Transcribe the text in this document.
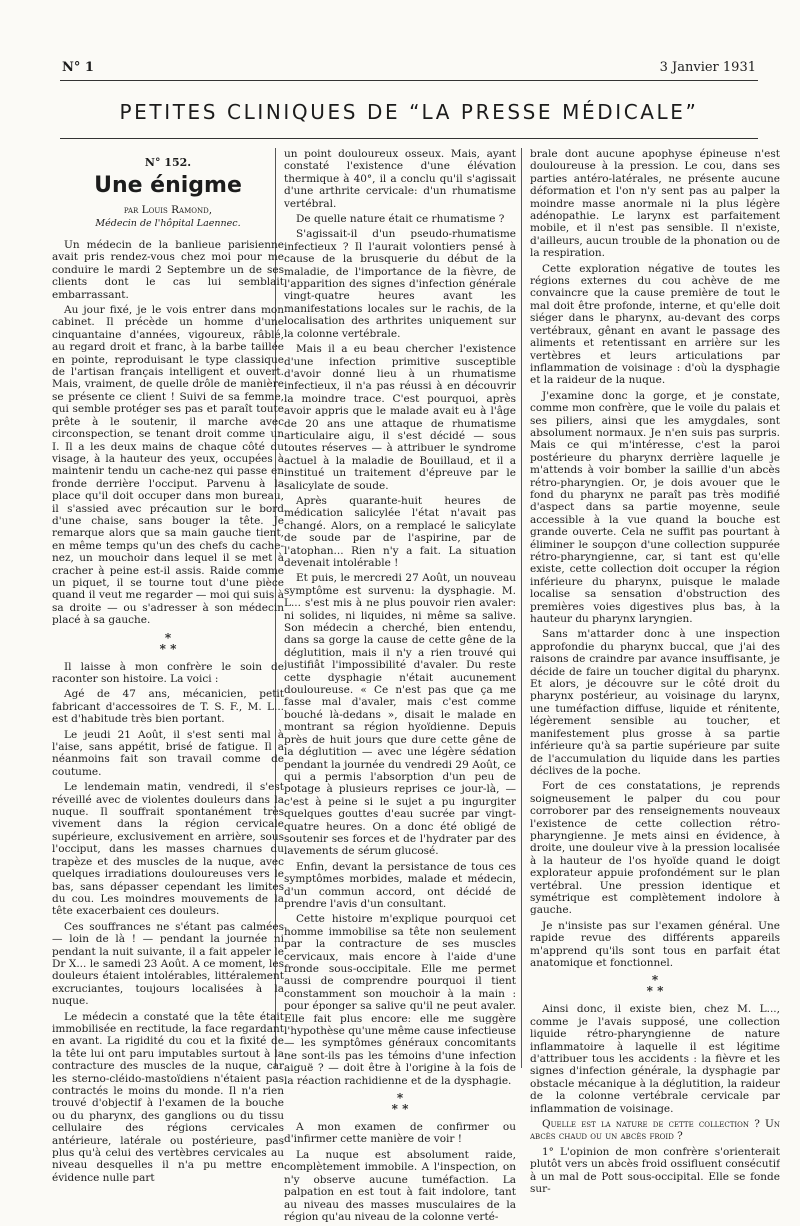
N° 1	3 Janvier 1931
PETITES CLINIQUES DE “LA PRESSE MÉDICALE”
N° 152.
Une énigme
par Louis Ramond,
Médecin de l'hôpital Laennec.

Un médecin de la banlieue parisienne avait pris rendez-vous chez moi pour me conduire le mardi 2 Septembre un de ses clients dont le cas lui semblait embarrassant.

Au jour fixé, je le vois entrer dans mon cabinet. Il précède un homme d'une cinquantaine d'années, vigoureux, râblé, au regard droit et franc, à la barbe taillée en pointe, reproduisant le type classique de l'artisan français intelligent et ouvert. Mais, vraiment, de quelle drôle de manière se présente ce client ! Suivi de sa femme, qui semble protéger ses pas et paraît toute prête à le soutenir, il marche avec circonspection, se tenant droit comme un I. Il a les deux mains de chaque côté du visage, à la hauteur des yeux, occupées à maintenir tendu un cache-nez qui passe en fronde derrière l'occiput. Parvenu à la place qu'il doit occuper dans mon bureau, il s'assied avec précaution sur le bord d'une chaise, sans bouger la tête. Je remarque alors que sa main gauche tient, en même temps qu'un des chefs du cache-nez, un mouchoir dans lequel il se met à cracher à peine est-il assis. Raide comme un piquet, il se tourne tout d'une pièce quand il veut me regarder — moi qui suis à sa droite — ou s'adresser à son médecin placé à sa gauche.

*
* *

Il laisse à mon confrère le soin de raconter son histoire. La voici :

Agé de 47 ans, mécanicien, petit fabricant d'accessoires de T. S. F., M. L... est d'habitude très bien portant.

Le jeudi 21 Août, il s'est senti mal à l'aise, sans appétit, brisé de fatigue. Il a néanmoins fait son travail comme de coutume.

Le lendemain matin, vendredi, il s'est réveillé avec de violentes douleurs dans la nuque. Il souffrait spontanément très vivement dans la région cervicale supérieure, exclusivement en arrière, sous l'occiput, dans les masses charnues du trapèze et des muscles de la nuque, avec quelques irradiations douloureuses vers le bas, sans dépasser cependant les limites du cou. Les moindres mouvements de la tête exacerbaient ces douleurs.

Ces souffrances ne s'étant pas calmées — loin de là ! — pendant la journée ni pendant la nuit suivante, il a fait appeler le Dr X... le samedi 23 Août. A ce moment, les douleurs étaient intolérables, littéralement excruciantes, toujours localisées à la nuque.

Le médecin a constaté que la tête était immobilisée en rectitude, la face regardant en avant. La rigidité du cou et la fixité de la tête lui ont paru imputables surtout à la contracture des muscles de la nuque, car les sterno-cléido-mastoïdiens n'étaient pas contractés le moins du monde. Il n'a rien trouvé d'objectif à l'examen de la bouche ou du pharynx, des ganglions ou du tissu cellulaire des régions cervicales antérieure, latérale ou postérieure, pas plus qu'à celui des vertèbres cervicales au niveau desquelles il n'a pu mettre en évidence nulle part

un point douloureux osseux. Mais, ayant constaté l'existence d'une élévation thermique à 40°, il a conclu qu'il s'agissait d'une arthrite cervicale: d'un rhumatisme vertébral.

De quelle nature était ce rhumatisme ?

S'agissait-il d'un pseudo-rhumatisme infectieux ? Il l'aurait volontiers pensé à cause de la brusquerie du début de la maladie, de l'importance de la fièvre, de l'apparition des signes d'infection générale vingt-quatre heures avant les manifestations locales sur le rachis, de la localisation des arthrites uniquement sur la colonne vertébrale.

Mais il a eu beau chercher l'existence d'une infection primitive susceptible d'avoir donné lieu à un rhumatisme infectieux, il n'a pas réussi à en découvrir la moindre trace. C'est pourquoi, après avoir appris que le malade avait eu à l'âge de 20 ans une attaque de rhumatisme articulaire aigu, il s'est décidé — sous toutes réserves — à attribuer le syndrome actuel à la maladie de Bouillaud, et il a institué un traitement d'épreuve par le salicylate de soude.

Après quarante-huit heures de médication salicylée l'état n'avait pas changé. Alors, on a remplacé le salicylate de soude par de l'aspirine, par de l'atophan... Rien n'y a fait. La situation devenait intolérable !

Et puis, le mercredi 27 Août, un nouveau symptôme est survenu: la dysphagie. M. L... s'est mis à ne plus pouvoir rien avaler: ni solides, ni liquides, ni même sa salive. Son médecin a cherché, bien entendu, dans sa gorge la cause de cette gêne de la déglutition, mais il n'y a rien trouvé qui justifiât l'impossibilité d'avaler. Du reste cette dysphagie n'était aucunement douloureuse. « Ce n'est pas que ça me fasse mal d'avaler, mais c'est comme bouché là-dedans », disait le malade en montrant sa région hyoïdienne. Depuis près de huit jours que dure cette gêne de la déglutition — avec une légère sédation pendant la journée du vendredi 29 Août, ce qui a permis l'absorption d'un peu de potage à plusieurs reprises ce jour-là, — c'est à peine si le sujet a pu ingurgiter quelques gouttes d'eau sucrée par vingt-quatre heures. On a donc été obligé de soutenir ses forces et de l'hydrater par des lavements de sérum glucosé.

Enfin, devant la persistance de tous ces symptômes morbides, malade et médecin, d'un commun accord, ont décidé de prendre l'avis d'un consultant.

Cette histoire m'explique pourquoi cet homme immobilise sa tête non seulement par la contracture de ses muscles cervicaux, mais encore à l'aide d'une fronde sous-occipitale. Elle me permet aussi de comprendre pourquoi il tient constamment son mouchoir à la main : pour éponger sa salive qu'il ne peut avaler. Elle fait plus encore: elle me suggère l'hypothèse qu'une même cause infectieuse — les symptômes généraux concomitants ne sont-ils pas les témoins d'une infection aiguë ? — doit être à l'origine à la fois de la réaction rachidienne et de la dysphagie.

*
* *

A mon examen de confirmer ou d'infirmer cette manière de voir !

La nuque est absolument raide, complètement immobile. A l'inspection, on n'y observe aucune tuméfaction. La palpation en est tout à fait indolore, tant au niveau des masses musculaires de la région qu'au niveau de la colonne verté-

brale dont aucune apophyse épineuse n'est douloureuse à la pression. Le cou, dans ses parties antéro-latérales, ne présente aucune déformation et l'on n'y sent pas au palper la moindre masse anormale ni la plus légère adénopathie. Le larynx est parfaitement mobile, et il n'est pas sensible. Il n'existe, d'ailleurs, aucun trouble de la phonation ou de la respiration.

Cette exploration négative de toutes les régions externes du cou achève de me convaincre que la cause première de tout le mal doit être profonde, interne, et qu'elle doit siéger dans le pharynx, au-devant des corps vertébraux, gênant en avant le passage des aliments et retentissant en arrière sur les vertèbres et leurs articulations par inflammation de voisinage : d'où la dysphagie et la raideur de la nuque.

J'examine donc la gorge, et je constate, comme mon confrère, que le voile du palais et ses piliers, ainsi que les amygdales, sont absolument normaux. Je n'en suis pas surpris. Mais ce qui m'intéresse, c'est la paroi postérieure du pharynx derrière laquelle je m'attends à voir bomber la saillie d'un abcès rétro-pharyngien. Or, je dois avouer que le fond du pharynx ne paraît pas très modifié d'aspect dans sa partie moyenne, seule accessible à la vue quand la bouche est grande ouverte. Cela ne suffit pas pourtant à éliminer le soupçon d'une collection suppurée rétro-pharyngienne, car, si tant est qu'elle existe, cette collection doit occuper la région inférieure du pharynx, puisque le malade localise sa sensation d'obstruction des premières voies digestives plus bas, à la hauteur du pharynx laryngien.

Sans m'attarder donc à une inspection approfondie du pharynx buccal, que j'ai des raisons de craindre par avance insuffisante, je décide de faire un toucher digital du pharynx. Et alors, je découvre sur le côté droit du pharynx postérieur, au voisinage du larynx, une tuméfaction diffuse, liquide et rénitente, légèrement sensible au toucher, et manifestement plus grosse à sa partie inférieure qu'à sa partie supérieure par suite de l'accumulation du liquide dans les parties déclives de la poche.

Fort de ces constatations, je reprends soigneusement le palper du cou pour corroborer par des renseignements nouveaux l'existence de cette collection rétro-pharyngienne. Je mets ainsi en évidence, à droite, une douleur vive à la pression localisée à la hauteur de l'os hyoïde quand le doigt explorateur appuie profondément sur le plan vertébral. Une pression identique et symétrique est complètement indolore à gauche.

Je n'insiste pas sur l'examen général. Une rapide revue des différents appareils m'apprend qu'ils sont tous en parfait état anatomique et fonctionnel.

*
* *

Ainsi donc, il existe bien, chez M. L..., comme je l'avais supposé, une collection liquide rétro-pharyngienne de nature inflammatoire à laquelle il est légitime d'attribuer tous les accidents : la fièvre et les signes d'infection générale, la dysphagie par obstacle mécanique à la déglutition, la raideur de la colonne vertébrale cervicale par inflammation de voisinage.

Quelle est la nature de cette collection ? Un abcès chaud ou un abcès froid ?

1° L'opinion de mon confrère s'orienterait plutôt vers un abcès froid ossifluent consécutif à un mal de Pott sous-occipital. Elle se fonde sur-
